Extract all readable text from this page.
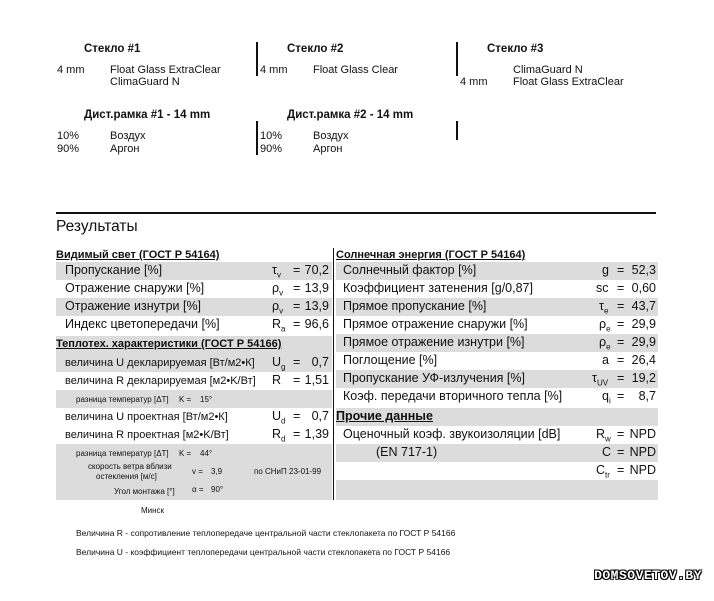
Стекло #1
4 mm Float Glass ExtraClear
ClimaGuard N
Стекло #2
4 mm Float Glass Clear
Стекло #3
ClimaGuard N
4 mm Float Glass ExtraClear
Дист.рамка #1 - 14 mm
10%	Воздух
90%	Аргон
Дист.рамка #2 - 14 mm
10%	Воздух
90%	Аргон
Результаты
Видимый свет (ГОСТ Р 54164)
Пропускание [%]	$\tau_v = 70,2$
Отражение снаружи [%]	$\rho_v = 13,9$
Отражение изнутри [%]	$\rho_v = 13,9$
Индекс цветопередачи [%]	$R_a = 96,6$
Теплотех. характеристики (ГОСТ Р 54166)
величина U декларируемая [Вт/м2•К] $U_g = 0,7$
величина R декларируемая [м2•K/Вт] R = 1,51
разница температур [ΔT] K = 15°
величина U проектная [Вт/м2•К]	$U_d = 0,7$
величина R проектная [м2•K/Вт]	$R_d = 1,39$
разница температур [ΔT] K = 44°
скорость ветра вблизи
остекления [м/с]
v = 3,9	по СНиП 23-01-99
Угол монтажа [°] α = 90°
Минск
Солнечная энергия (ГОСТ Р 54164)
Солнечный фактор [%]	g = 52,3
Коэффициент затенения [g/0,87]	sc = 0,60
Прямое пропускание [%]	$\tau_e = 43,7$
Прямое отражение снаружи [%]	$\rho_e = 29,9$
Прямое отражение изнутри [%]	$\rho_e = 29,9$
Поглощение [%]	a = 26,4
Пропускание УФ-излучения [%]	$\tau_{UV} = 19,2$
Коэф. передачи вторичного тепла [%]	$q_i = 8,7$
Прочие данные
Оценочный коэф. звукоизоляции [dB]	$R_w$ = NPD
(EN 717-1)	C = NPD
$C_{tr}$ = NPD
Величина R - сопротивление теплопередаче центральной части стеклопакета по ГОСТ Р 54166
Величина U - коэффициент теплопередачи центральной части стеклопакета по ГОСТ Р 54166
DOMSOVETOV.BY
